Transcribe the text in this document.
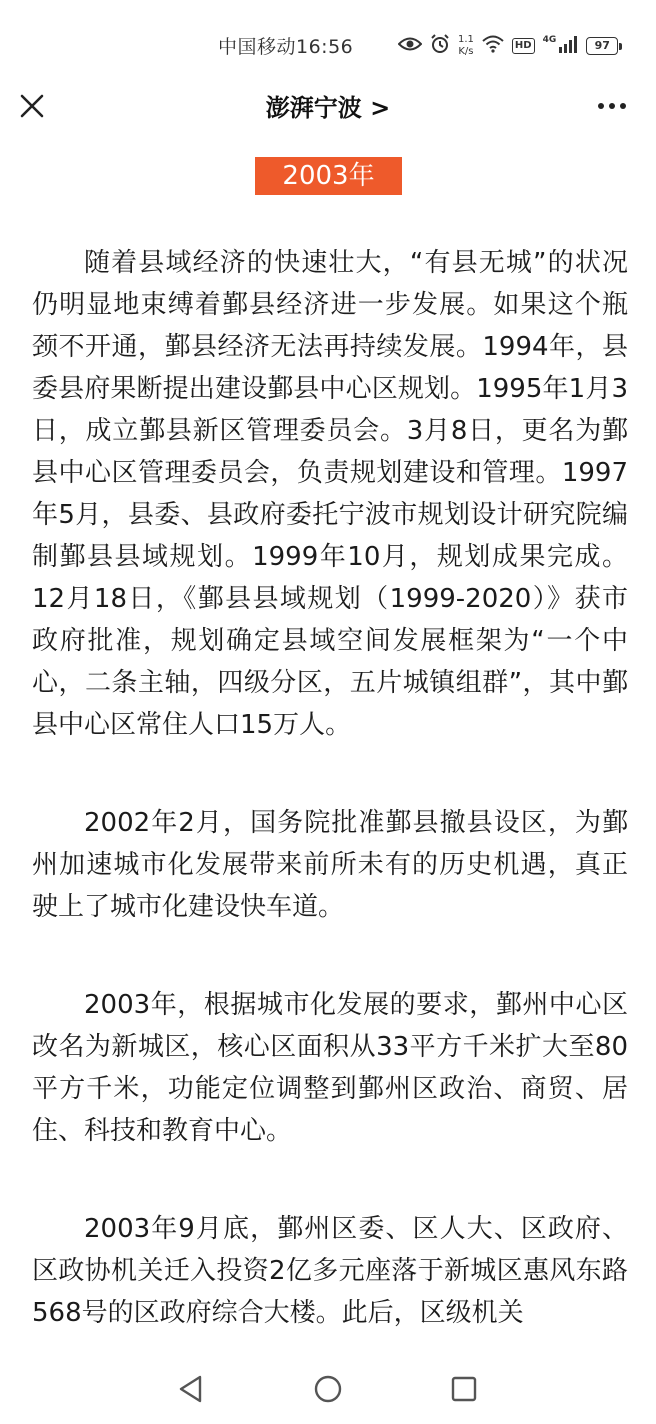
中国移动16:56	1.1
K/s
HD	4G	97
澎湃宁波 >
2003年

随着县域经济的快速壮大，“有县无城”的状况仍明显地束缚着鄞县经济进一步发展。如果这个瓶颈不开通，鄞县经济无法再持续发展。1994年，县委县府果断提出建设鄞县中心区规划。1995年1月3日，成立鄞县新区管理委员会。3月8日，更名为鄞县中心区管理委员会，负责规划建设和管理。1997年5月，县委、县政府委托宁波市规划设计研究院编制鄞县县域规划。1999年10月，规划成果完成。12月18日，《鄞县县域规划（1999-2020）》获市政府批准，规划确定县域空间发展框架为“一个中心，二条主轴，四级分区，五片城镇组群”，其中鄞县中心区常住人口15万人。

2002年2月，国务院批准鄞县撤县设区，为鄞州加速城市化发展带来前所未有的历史机遇，真正驶上了城市化建设快车道。

2003年，根据城市化发展的要求，鄞州中心区改名为新城区，核心区面积从33平方千米扩大至80平方千米，功能定位调整到鄞州区政治、商贸、居住、科技和教育中心。

2003年9月底，鄞州区委、区人大、区政府、区政协机关迁入投资2亿多元座落于新城区惠风东路568号的区政府综合大楼。此后，区级机关
